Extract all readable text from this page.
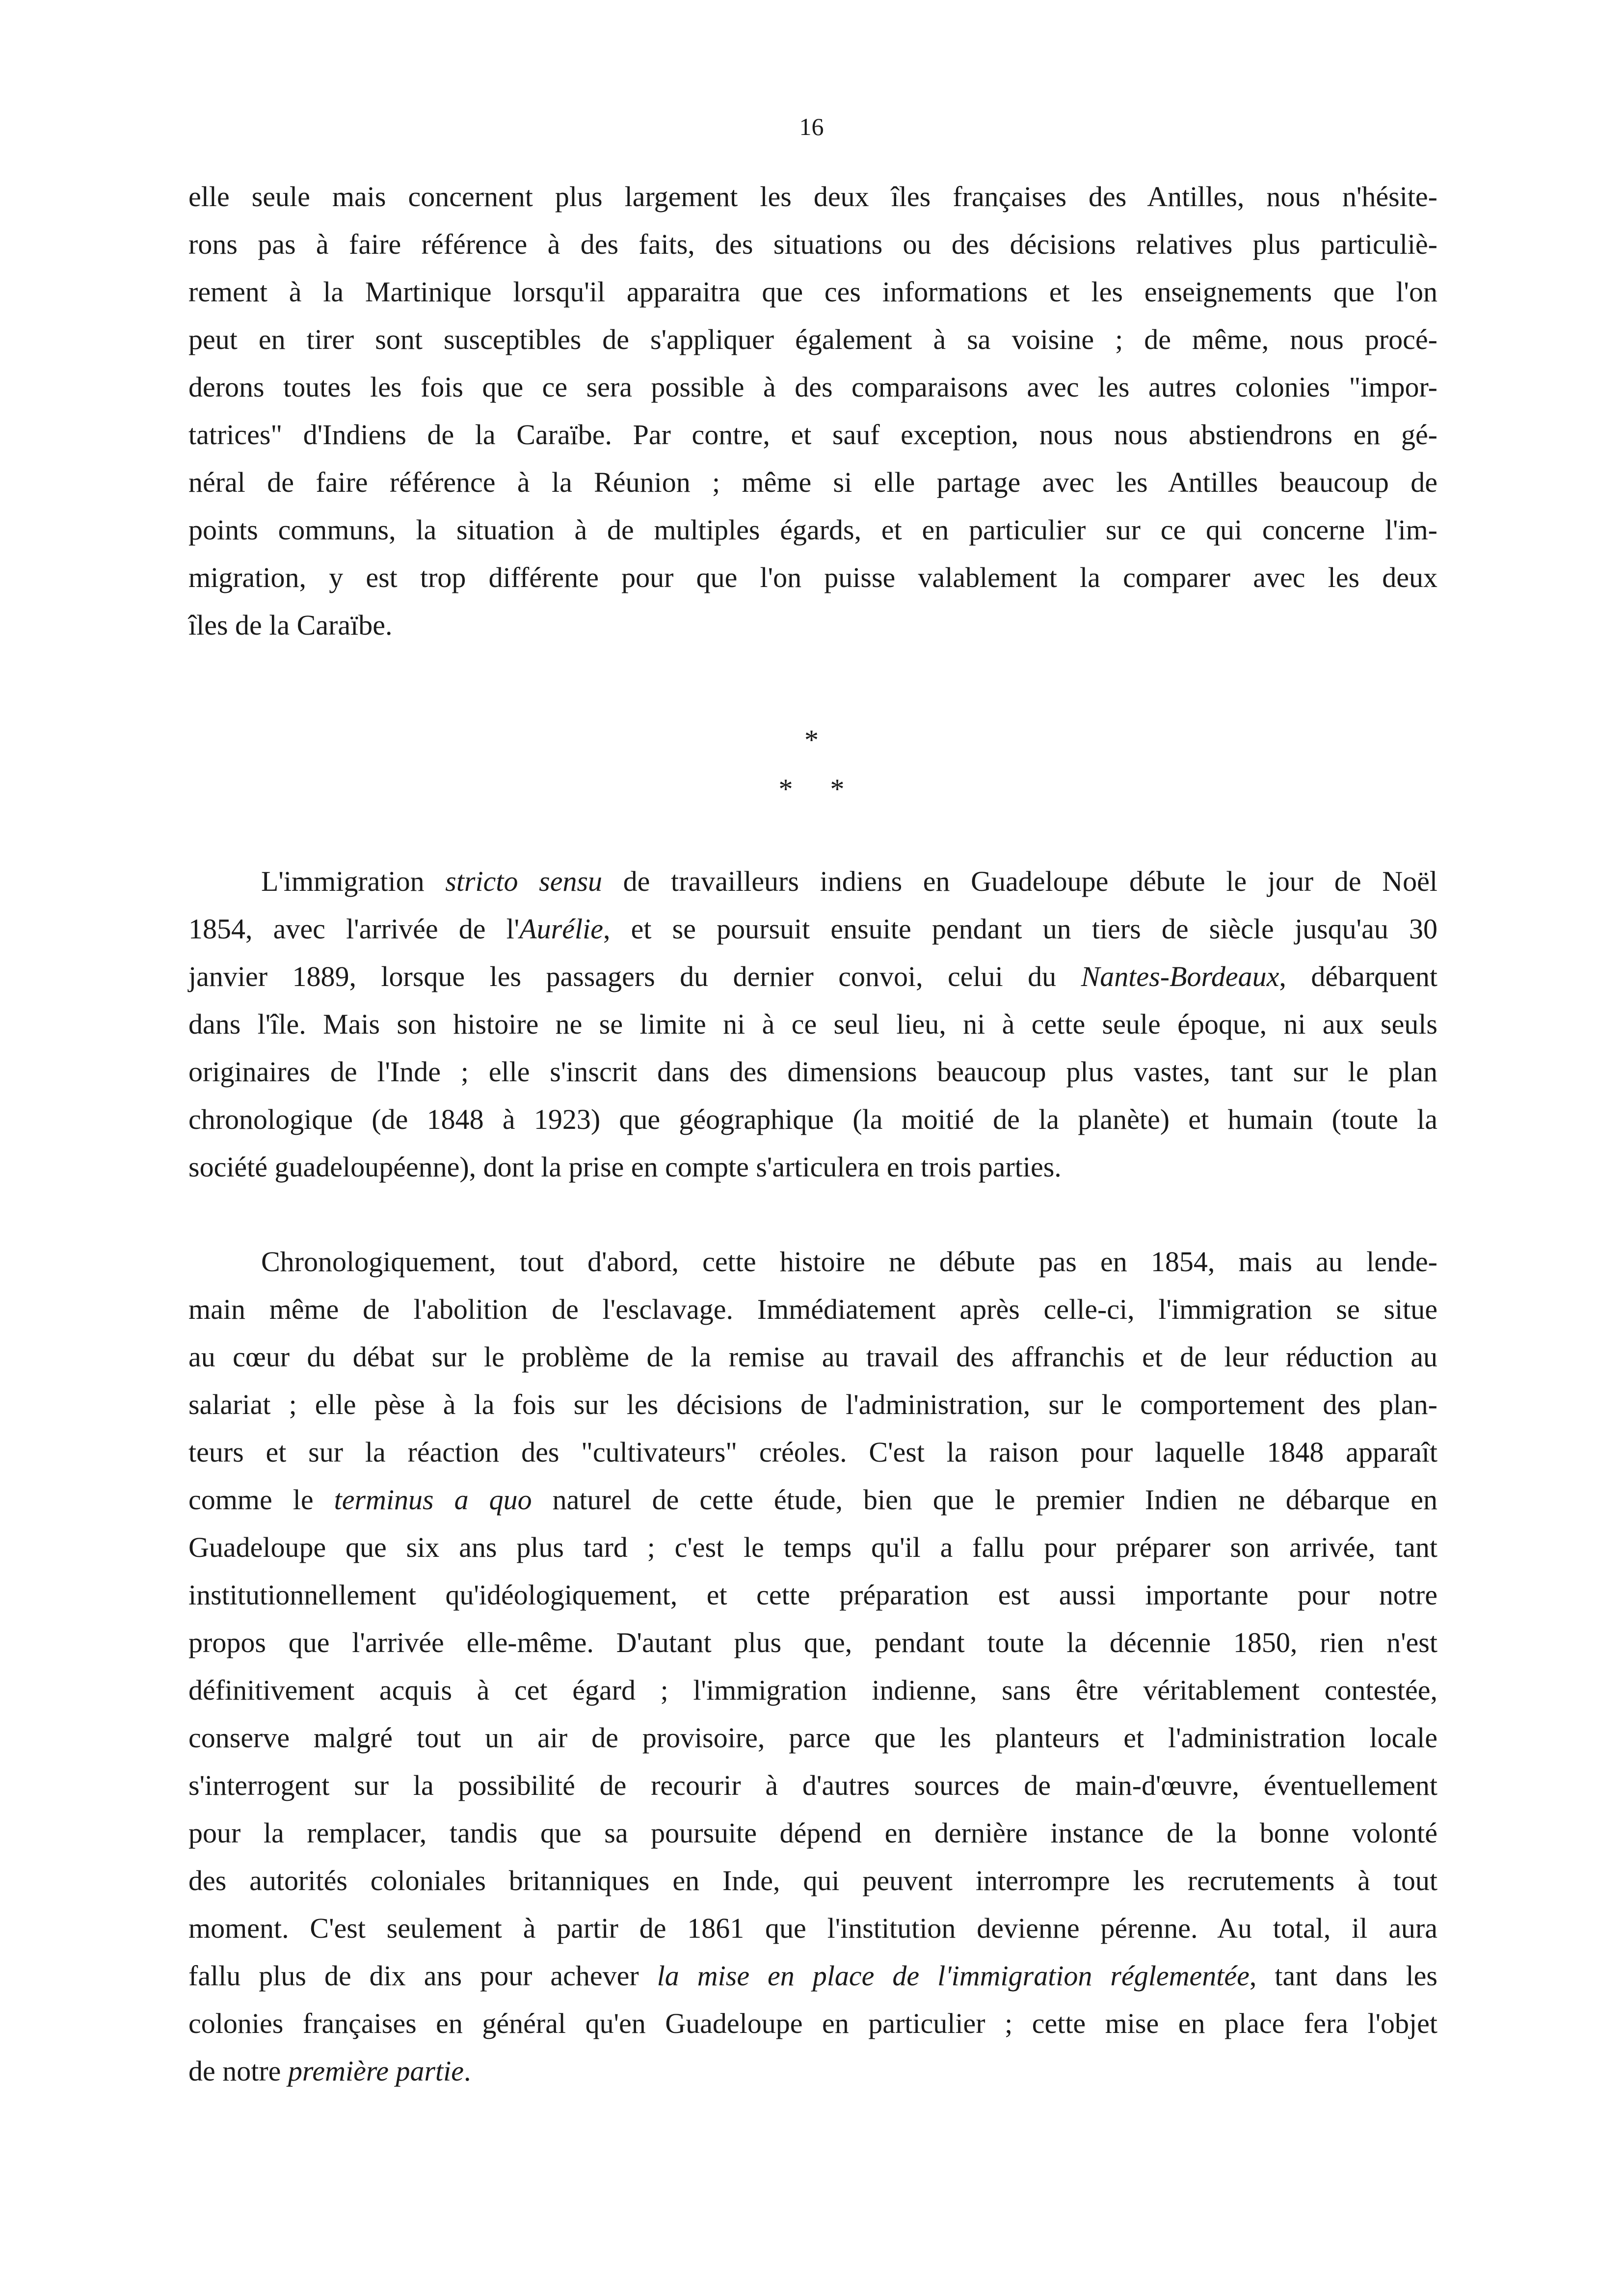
16

elle seule mais concernent plus largement les deux îles françaises des Antilles, nous n'hésite-
rons pas à faire référence à des faits, des situations ou des décisions relatives plus particuliè-
rement à la Martinique lorsqu'il apparaitra que ces informations et les enseignements que l'on
peut en tirer sont susceptibles de s'appliquer également à sa voisine ; de même, nous procé-
derons toutes les fois que ce sera possible à des comparaisons avec les autres colonies "impor-
tatrices" d'Indiens de la Caraïbe. Par contre, et sauf exception, nous nous abstiendrons en gé-
néral de faire référence à la Réunion ; même si elle partage avec les Antilles beaucoup de
points communs, la situation à de multiples égards, et en particulier sur ce qui concerne l'im-
migration, y est trop différente pour que l'on puisse valablement la comparer avec les deux
îles de la Caraïbe.

*
* *

L'immigration stricto sensu de travailleurs indiens en Guadeloupe débute le jour de Noël
1854, avec l'arrivée de l'Aurélie, et se poursuit ensuite pendant un tiers de siècle jusqu'au 30
janvier 1889, lorsque les passagers du dernier convoi, celui du Nantes-Bordeaux, débarquent
dans l'île. Mais son histoire ne se limite ni à ce seul lieu, ni à cette seule époque, ni aux seuls
originaires de l'Inde ; elle s'inscrit dans des dimensions beaucoup plus vastes, tant sur le plan
chronologique (de 1848 à 1923) que géographique (la moitié de la planète) et humain (toute la
société guadeloupéenne), dont la prise en compte s'articulera en trois parties.

Chronologiquement, tout d'abord, cette histoire ne débute pas en 1854, mais au lende-
main même de l'abolition de l'esclavage. Immédiatement après celle-ci, l'immigration se situe
au cœur du débat sur le problème de la remise au travail des affranchis et de leur réduction au
salariat ; elle pèse à la fois sur les décisions de l'administration, sur le comportement des plan-
teurs et sur la réaction des "cultivateurs" créoles. C'est la raison pour laquelle 1848 apparaît
comme le terminus a quo naturel de cette étude, bien que le premier Indien ne débarque en
Guadeloupe que six ans plus tard ; c'est le temps qu'il a fallu pour préparer son arrivée, tant
institutionnellement qu'idéologiquement, et cette préparation est aussi importante pour notre
propos que l'arrivée elle-même. D'autant plus que, pendant toute la décennie 1850, rien n'est
définitivement acquis à cet égard ; l'immigration indienne, sans être véritablement contestée,
conserve malgré tout un air de provisoire, parce que les planteurs et l'administration locale
s'interrogent sur la possibilité de recourir à d'autres sources de main-d'œuvre, éventuellement
pour la remplacer, tandis que sa poursuite dépend en dernière instance de la bonne volonté
des autorités coloniales britanniques en Inde, qui peuvent interrompre les recrutements à tout
moment. C'est seulement à partir de 1861 que l'institution devienne pérenne. Au total, il aura
fallu plus de dix ans pour achever la mise en place de l'immigration réglementée, tant dans les
colonies françaises en général qu'en Guadeloupe en particulier ; cette mise en place fera l'objet
de notre première partie.
